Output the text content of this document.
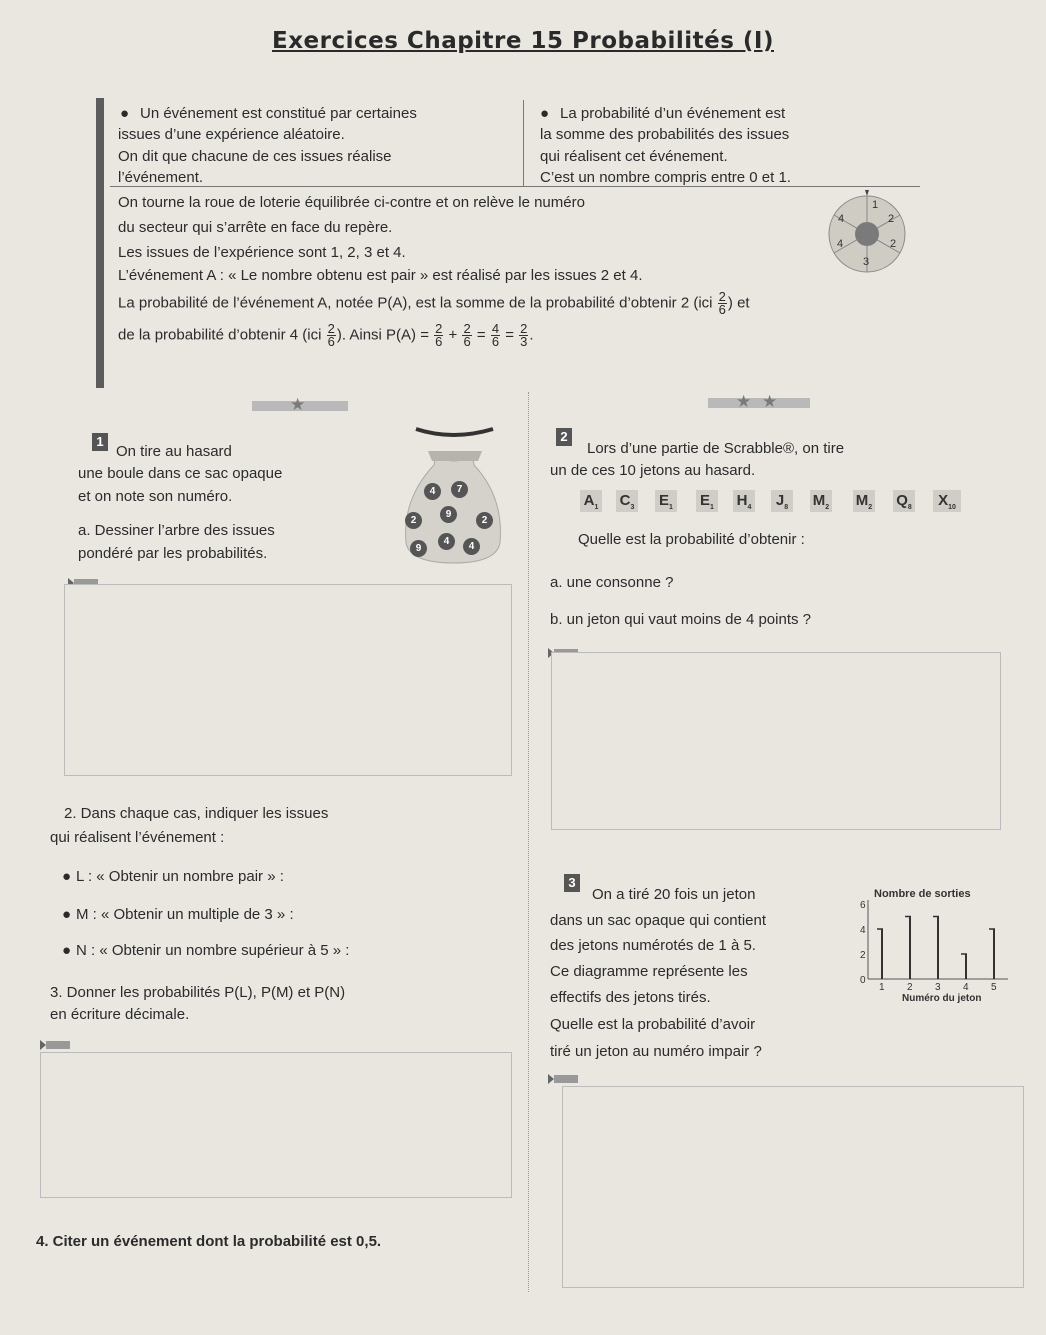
Exercices Chapitre 15 Probabilités (I)
● Un événement est constitué par certaines
issues d’une expérience aléatoire.
On dit que chacune de ces issues réalise
l’événement.
● La probabilité d’un événement est
la somme des probabilités des issues
qui réalisent cet événement.
C’est un nombre compris entre 0 et 1.
On tourne la roue de loterie équilibrée ci-contre et on relève le numéro
du secteur qui s’arrête en face du repère.
Les issues de l’expérience sont 1, 2, 3 et 4.
L’événement A : « Le nombre obtenu est pair » est réalisé par les issues 2 et 4.
1
2
2
3
4
4
La probabilité de l’événement A, notée P(A), est la somme de la probabilité d’obtenir 2 ($ici \frac{2}{6}$ ) et
de la probabilité d’obtenir 4 ($ici \frac{2}{6}$ ). Ainsi $P(A) = \frac{2}{6} + \frac{2}{6} = \frac{4}{6} = \frac{2}{3}$ .
★	★ ★
1
On tire au hasard
une boule dans ce sac opaque
et on note son numéro.	4	7
2
9
2
9
4	4
a. Dessiner l’arbre des issues
pondéré par les probabilités.
2. Dans chaque cas, indiquer les issues
qui réalisent l’événement :
● L : « Obtenir un nombre pair » :
● M : « Obtenir un multiple de 3 » :
● N : « Obtenir un nombre supérieur à 5 » :
3. Donner les probabilités P(L), P(M) et P(N)
en écriture décimale.
4. Citer un événement dont la probabilité est 0,5.
2
Lors d’une partie de Scrabble®, on tire
un de ces 10 jetons au hasard.
$A_1$ $C_3$ $E_1$ $E_1$ $H_4$	$J_8$	$M_2$ $M_2$ $Q_8$	$X_{10}$
Quelle est la probabilité d’obtenir :
a. une consonne ?
b. un jeton qui vaut moins de 4 points ?
3
On a tiré 20 fois un jeton
dans un sac opaque qui contient
des jetons numérotés de 1 à 5.
Ce diagramme représente les
effectifs des jetons tirés.
Quelle est la probabilité d’avoir
tiré un jeton au numéro impair ?
Nombre de sorties
Numéro du jeton
0
2
4
6
1 2 3 4 5
